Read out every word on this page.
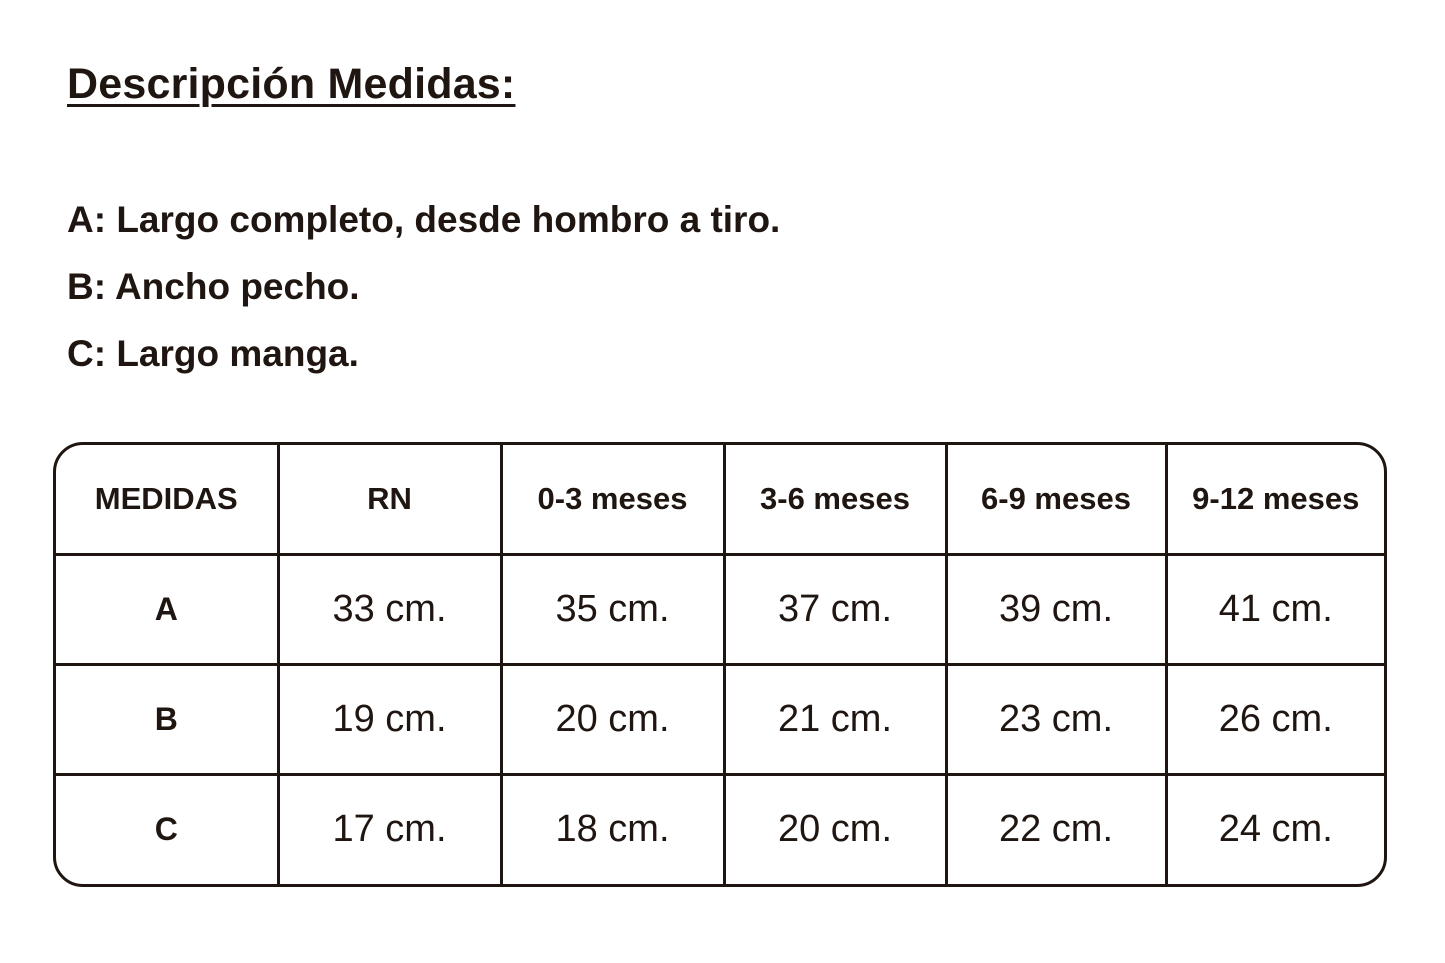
Descripción Medidas:

A: Largo completo, desde hombro a tiro.

B: Ancho pecho.

C: Largo manga.

MEDIDAS	RN	0-3 meses	3-6 meses	6-9 meses	9-12 meses
A	33 cm.	35 cm.	37 cm.	39 cm.	41 cm.
B	19 cm.	20 cm.	21 cm.	23 cm.	26 cm.
C	17 cm.	18 cm.	20 cm.	22 cm.	24 cm.
